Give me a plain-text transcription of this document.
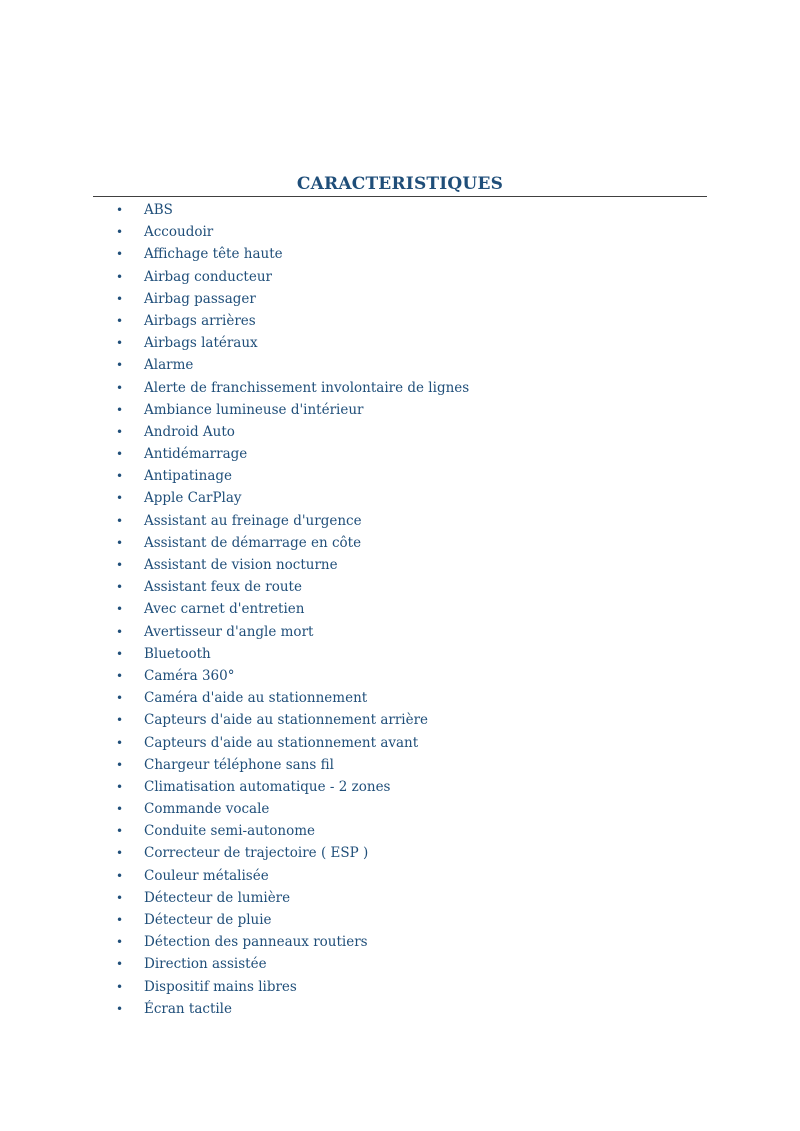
CARACTERISTIQUES
•	ABS
•	Accoudoir
•	Affichage tête haute
•	Airbag conducteur
•	Airbag passager
•	Airbags arrières
•	Airbags latéraux
•	Alarme
•	Alerte de franchissement involontaire de lignes
•	Ambiance lumineuse d'intérieur
•	Android Auto
•	Antidémarrage
•	Antipatinage
•	Apple CarPlay
•	Assistant au freinage d'urgence
•	Assistant de démarrage en côte
•	Assistant de vision nocturne
•	Assistant feux de route
•	Avec carnet d'entretien
•	Avertisseur d'angle mort
•	Bluetooth
•	Caméra 360°
•	Caméra d'aide au stationnement
•	Capteurs d'aide au stationnement arrière
•	Capteurs d'aide au stationnement avant
•	Chargeur téléphone sans fil
•	Climatisation automatique - 2 zones
•	Commande vocale
•	Conduite semi-autonome
•	Correcteur de trajectoire ( ESP )
•	Couleur métalisée
•	Détecteur de lumière
•	Détecteur de pluie
•	Détection des panneaux routiers
•	Direction assistée
•	Dispositif mains libres
•	Écran tactile
